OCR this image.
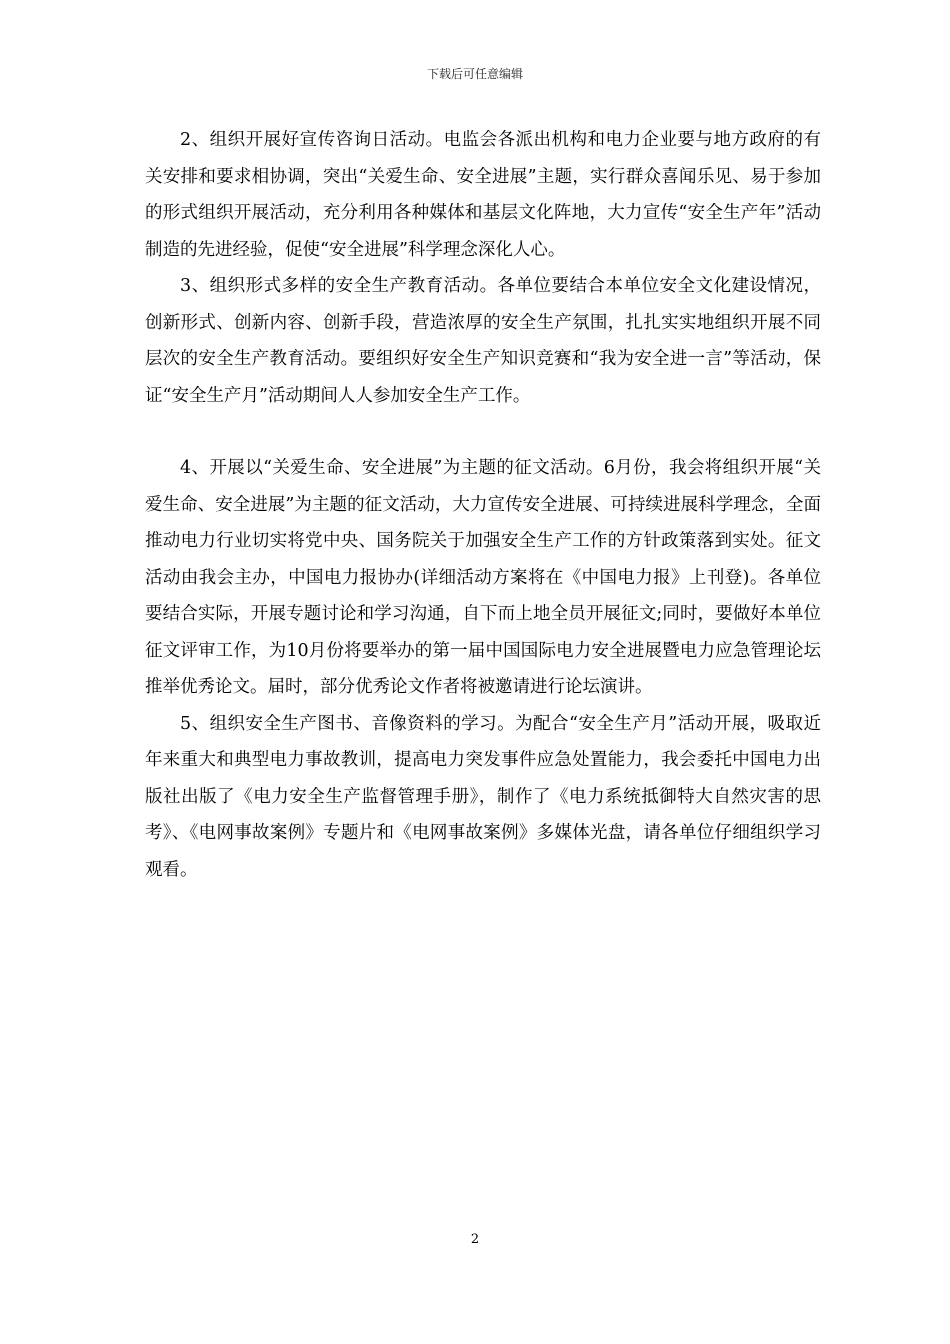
下载后可任意编辑

2、组织开展好宣传咨询日活动。电监会各派出机构和电力企业要与地方政府的有关安排和要求相协调，突出“关爱生命、安全进展”主题，实行群众喜闻乐见、易于参加的形式组织开展活动，充分利用各种媒体和基层文化阵地，大力宣传“安全生产年”活动制造的先进经验，促使“安全进展”科学理念深化人心。

3、组织形式多样的安全生产教育活动。各单位要结合本单位安全文化建设情况，创新形式、创新内容、创新手段，营造浓厚的安全生产氛围，扎扎实实地组织开展不同层次的安全生产教育活动。要组织好安全生产知识竞赛和“我为安全进一言”等活动，保证“安全生产月”活动期间人人参加安全生产工作。

4、开展以“关爱生命、安全进展”为主题的征文活动。6月份，我会将组织开展“关爱生命、安全进展”为主题的征文活动，大力宣传安全进展、可持续进展科学理念，全面推动电力行业切实将党中央、国务院关于加强安全生产工作的方针政策落到实处。征文活动由我会主办，中国电力报协办(详细活动方案将在《中国电力报》上刊登)。各单位要结合实际，开展专题讨论和学习沟通，自下而上地全员开展征文;同时，要做好本单位征文评审工作，为10月份将要举办的第一届中国国际电力安全进展暨电力应急管理论坛推举优秀论文。届时，部分优秀论文作者将被邀请进行论坛演讲。

5、组织安全生产图书、音像资料的学习。为配合“安全生产月”活动开展，吸取近年来重大和典型电力事故教训，提高电力突发事件应急处置能力，我会委托中国电力出版社出版了《电力安全生产监督管理手册》，制作了《电力系统抵御特大自然灾害的思考》、《电网事故案例》专题片和《电网事故案例》多媒体光盘，请各单位仔细组织学习观看。

2
